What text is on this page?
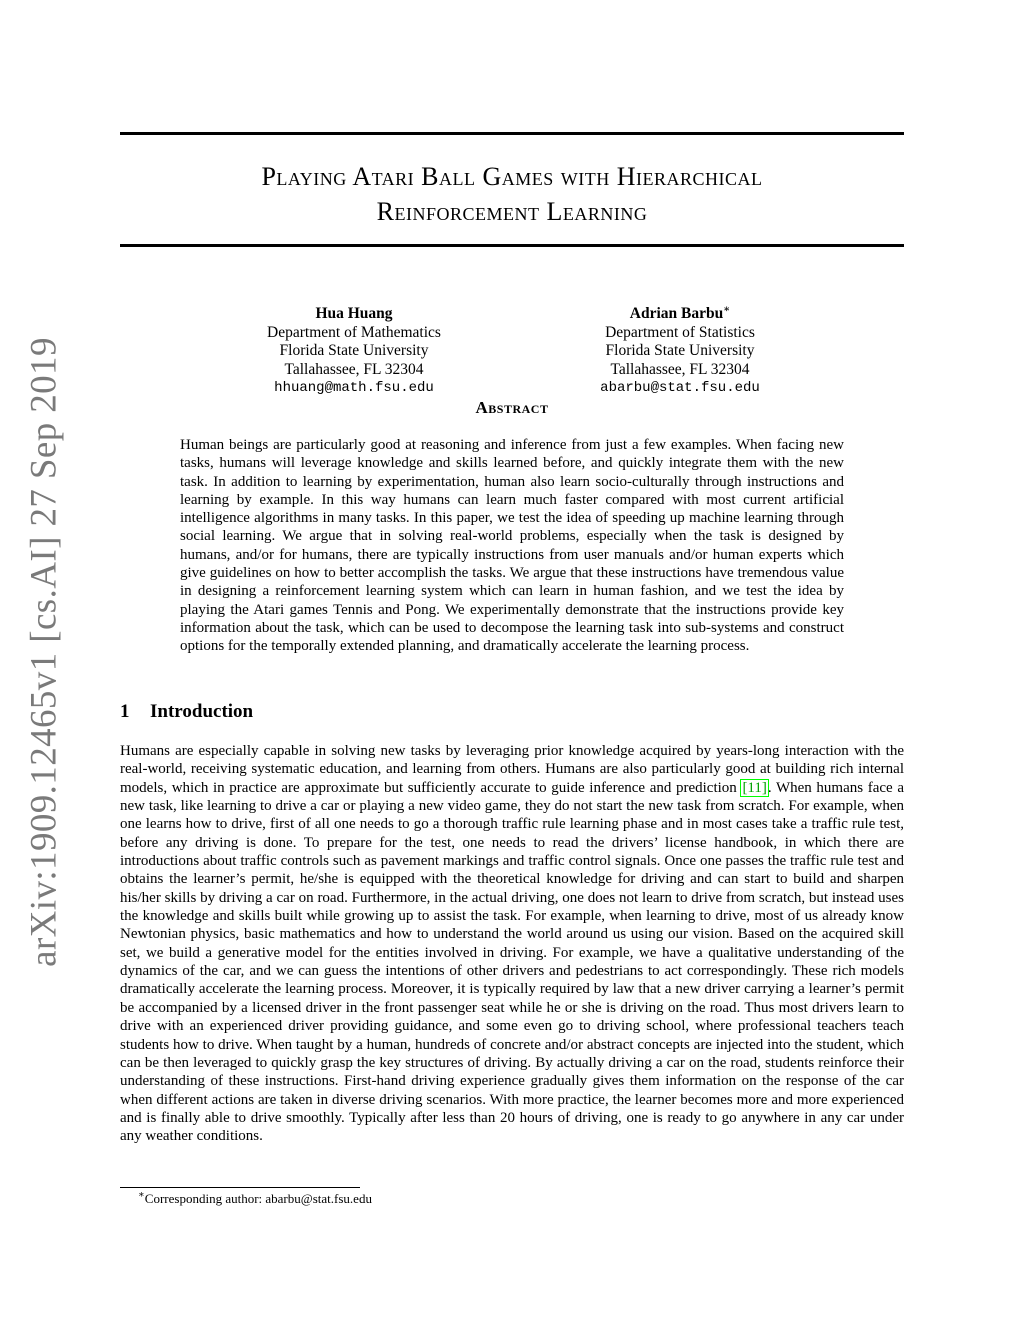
arXiv:1909.12465v1 [cs.AI] 27 Sep 2019
Playing Atari Ball Games with Hierarchical
Reinforcement Learning
Hua Huang
Department of Mathematics
Florida State University
Tallahassee, FL 32304
hhuang@math.fsu.edu
Adrian Barbu∗
Department of Statistics
Florida State University
Tallahassee, FL 32304
abarbu@stat.fsu.edu
Abstract
Human beings are particularly good at reasoning and inference from just a few examples. When facing new tasks, humans will leverage knowledge and skills learned before, and quickly integrate them with the new task. In addition to learning by experimentation, human also learn socio-culturally through instructions and learning by example. In this way humans can learn much faster compared with most current artificial intelligence algorithms in many tasks. In this paper, we test the idea of speeding up machine learning through social learning. We argue that in solving real-world problems, especially when the task is designed by humans, and/or for humans, there are typically instructions from user manuals and/or human experts which give guidelines on how to better accomplish the tasks. We argue that these instructions have tremendous value in designing a reinforcement learning system which can learn in human fashion, and we test the idea by playing the Atari games Tennis and Pong. We experimentally demonstrate that the instructions provide key information about the task, which can be used to decompose the learning task into sub-systems and construct options for the temporally extended planning, and dramatically accelerate the learning process.
1 Introduction
Humans are especially capable in solving new tasks by leveraging prior knowledge acquired by years-long interaction with the real-world, receiving systematic education, and learning from others. Humans are also particularly good at building rich internal models, which in practice are approximate but sufficiently accurate to guide inference and prediction [11]. When humans face a new task, like learning to drive a car or playing a new video game, they do not start the new task from scratch. For example, when one learns how to drive, first of all one needs to go a thorough traffic rule learning phase and in most cases take a traffic rule test, before any driving is done. To prepare for the test, one needs to read the drivers’ license handbook, in which there are introductions about traffic controls such as pavement markings and traffic control signals. Once one passes the traffic rule test and obtains the learner’s permit, he/she is equipped with the theoretical knowledge for driving and can start to build and sharpen his/her skills by driving a car on road. Furthermore, in the actual driving, one does not learn to drive from scratch, but instead uses the knowledge and skills built while growing up to assist the task. For example, when learning to drive, most of us already know Newtonian physics, basic mathematics and how to understand the world around us using our vision. Based on the acquired skill set, we build a generative model for the entities involved in driving. For example, we have a qualitative understanding of the dynamics of the car, and we can guess the intentions of other drivers and pedestrians to act correspondingly. These rich models dramatically accelerate the learning process. Moreover, it is typically required by law that a new driver carrying a learner’s permit be accompanied by a licensed driver in the front passenger seat while he or she is driving on the road. Thus most drivers learn to drive with an experienced driver providing guidance, and some even go to driving school, where professional teachers teach students how to drive. When taught by a human, hundreds of concrete and/or abstract concepts are injected into the student, which can be then leveraged to quickly grasp the key structures of driving. By actually driving a car on the road, students reinforce their understanding of these instructions. First-hand driving experience gradually gives them information on the response of the car when different actions are taken in diverse driving scenarios. With more practice, the learner becomes more and more experienced and is finally able to drive smoothly. Typically after less than 20 hours of driving, one is ready to go anywhere in any car under any weather conditions.
∗Corresponding author: abarbu@stat.fsu.edu
